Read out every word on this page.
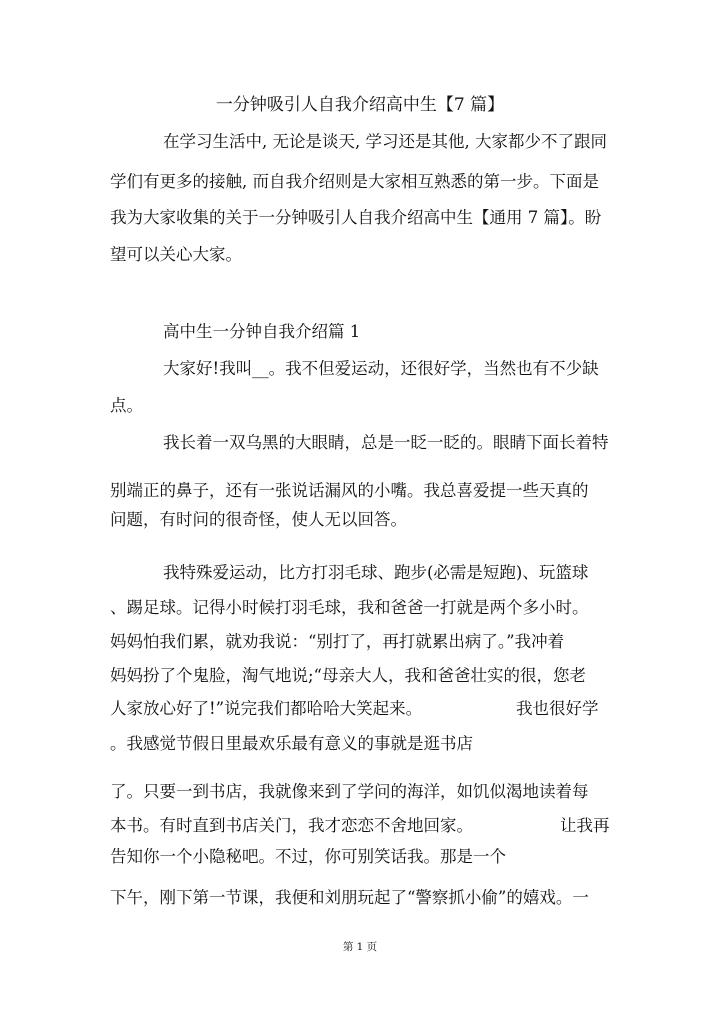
一分钟吸引人自我介绍高中生【7 篇】
在学习生活中, 无论是谈天, 学习还是其他, 大家都少不了跟同
学们有更多的接触, 而自我介绍则是大家相互熟悉的第一步。下面是
我为大家收集的关于一分钟吸引人自我介绍高中生【通用 7 篇】。盼
望可以关心大家。
高中生一分钟自我介绍篇 1
大家好!我叫__。我不但爱运动，还很好学，当然也有不少缺
点。
我长着一双乌黑的大眼睛，总是一眨一眨的。眼睛下面长着特
别端正的鼻子，还有一张说话漏风的小嘴。我总喜爱提一些天真的
问题，有时问的很奇怪，使人无以回答。
我特殊爱运动，比方打羽毛球、跑步(必需是短跑)、玩篮球
、踢足球。记得小时候打羽毛球，我和爸爸一打就是两个多小时。
妈妈怕我们累，就劝我说：“别打了，再打就累出病了。”我冲着
妈妈扮了个鬼脸，淘气地说;“母亲大人，我和爸爸壮实的很，您老
人家放心好了!”说完我们都哈哈大笑起来。	我也很好学
。我感觉节假日里最欢乐最有意义的事就是逛书店
了。只要一到书店，我就像来到了学问的海洋，如饥似渴地读着每
本书。有时直到书店关门，我才恋恋不舍地回家。	让我再
告知你一个小隐秘吧。不过，你可别笑话我。那是一个
下午，刚下第一节课，我便和刘朋玩起了“警察抓小偷”的嬉戏。一
第 1 页
